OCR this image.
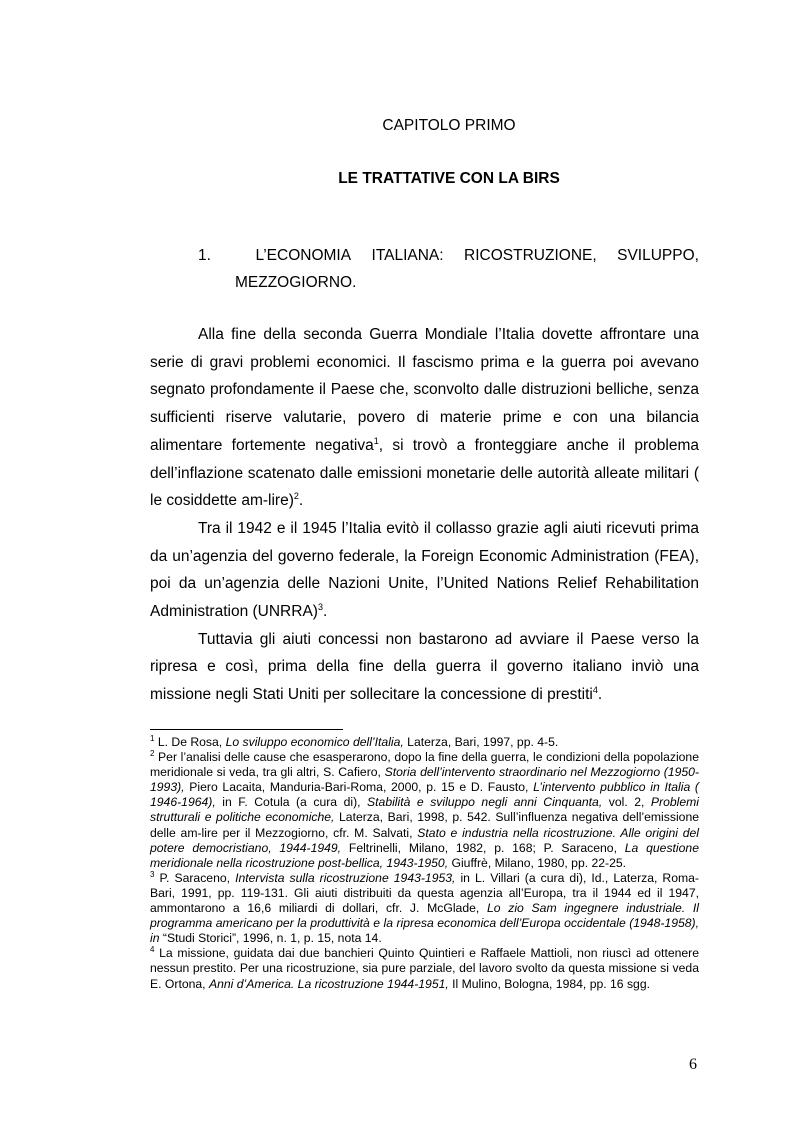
CAPITOLO PRIMO
LE TRATTATIVE CON LA BIRS
1.	L’ECONOMIA ITALIANA: RICOSTRUZIONE, SVILUPPO,
MEZZOGIORNO.

Alla fine della seconda Guerra Mondiale l’Italia dovette affrontare una serie di gravi problemi economici. Il fascismo prima e la guerra poi avevano segnato profondamente il Paese che, sconvolto dalle distruzioni belliche, senza sufficienti riserve valutarie, povero di materie prime e con una bilancia alimentare fortemente negativa$^1$, si trovò a fronteggiare anche il problema dell’inflazione scatenato dalle emissioni monetarie delle autorità alleate militari ( le cosiddette am-lire)$^2$.

Tra il 1942 e il 1945 l’Italia evitò il collasso grazie agli aiuti ricevuti prima da un’agenzia del governo federale, la Foreign Economic Administration (FEA), poi da un’agenzia delle Nazioni Unite, l’United Nations Relief Rehabilitation Administration (UNRRA)$^3$.

Tuttavia gli aiuti concessi non bastarono ad avviare il Paese verso la ripresa e così, prima della fine della guerra il governo italiano inviò una missione negli Stati Uniti per sollecitare la concessione di prestiti$^4$.

$^1$ L. De Rosa, Lo sviluppo economico dell’Italia, Laterza, Bari, 1997, pp. 4-5.

$^2$ Per l’analisi delle cause che esasperarono, dopo la fine della guerra, le condizioni della popolazione meridionale si veda, tra gli altri, S. Cafiero, Storia dell’intervento straordinario nel Mezzogiorno (1950-1993), Piero Lacaita, Manduria-Bari-Roma, 2000, p. 15 e D. Fausto, L’intervento pubblico in Italia ( 1946-1964), in F. Cotula (a cura di), Stabilità e sviluppo negli anni Cinquanta, vol. 2, Problemi strutturali e politiche economiche, Laterza, Bari, 1998, p. 542. Sull’influenza negativa dell’emissione delle am-lire per il Mezzogiorno, cfr. M. Salvati, Stato e industria nella ricostruzione. Alle origini del potere democristiano, 1944-1949, Feltrinelli, Milano, 1982, p. 168; P. Saraceno, La questione meridionale nella ricostruzione post-bellica, 1943-1950, Giuffrè, Milano, 1980, pp. 22-25.

$^3$ P. Saraceno, Intervista sulla ricostruzione 1943-1953, in L. Villari (a cura di), Id., Laterza, Roma-Bari, 1991, pp. 119-131. Gli aiuti distribuiti da questa agenzia all’Europa, tra il 1944 ed il 1947, ammontarono a 16,6 miliardi di dollari, cfr. J. McGlade, Lo zio Sam ingegnere industriale. Il programma americano per la produttività e la ripresa economica dell’Europa occidentale (1948-1958), in “Studi Storici”, 1996, n. 1, p. 15, nota 14.

$^4$ La missione, guidata dai due banchieri Quinto Quintieri e Raffaele Mattioli, non riuscì ad ottenere nessun prestito. Per una ricostruzione, sia pure parziale, del lavoro svolto da questa missione si veda E. Ortona, Anni d’America. La ricostruzione 1944-1951, Il Mulino, Bologna, 1984, pp. 16 sgg.

6
